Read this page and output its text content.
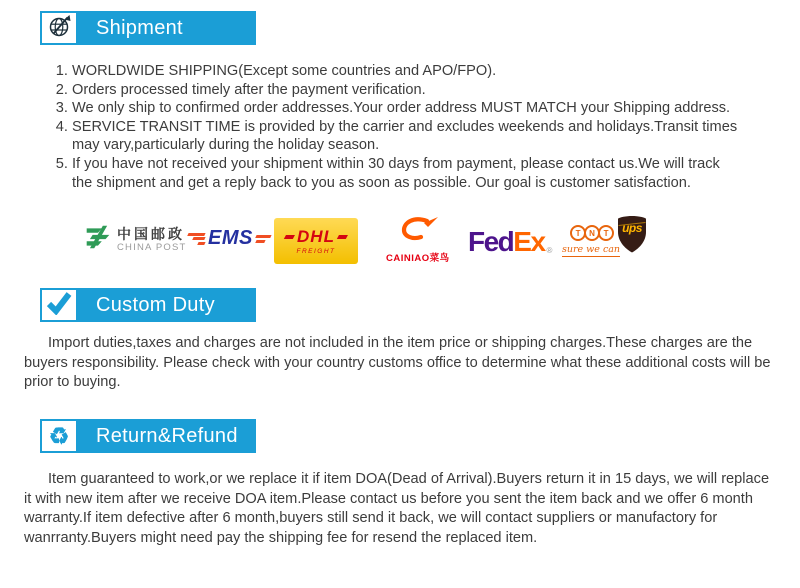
Shipment
1. WORLDWIDE SHIPPING(Except some countries and APO/FPO).
2. Orders processed timely after the payment verification.
3. We only ship to confirmed order addresses.Your order address MUST MATCH your Shipping address.
4. SERVICE TRANSIT TIME is provided by the carrier and excludes weekends and holidays.Transit times may vary,particularly during the holiday season.
5. If you have not received your shipment within 30 days from payment, please contact us.We will track the shipment and get a reply back to you as soon as possible. Our goal is customer satisfaction.
中国邮政
CHINA POST EMS	DHL
FREIGHT
CAINIAO菜鸟
Fed Ex ®
T	N	T
sure we can
ups
Custom Duty

Import duties,taxes and charges are not included in the item price or shipping charges.These charges are the buyers responsibility. Please check with your country customs office to determine what these additional costs will be prior to buying.

♻	Return&Refund

Item guaranteed to work,or we replace it if item DOA(Dead of Arrival).Buyers return it in 15 days, we will replace it with new item after we receive DOA item.Please contact us before you sent the item back and we offer 6 month warranty.If item defective after 6 month,buyers still send it back, we will contact suppliers or manufactory for wanrranty.Buyers might need pay the shipping fee for resend the replaced item.
